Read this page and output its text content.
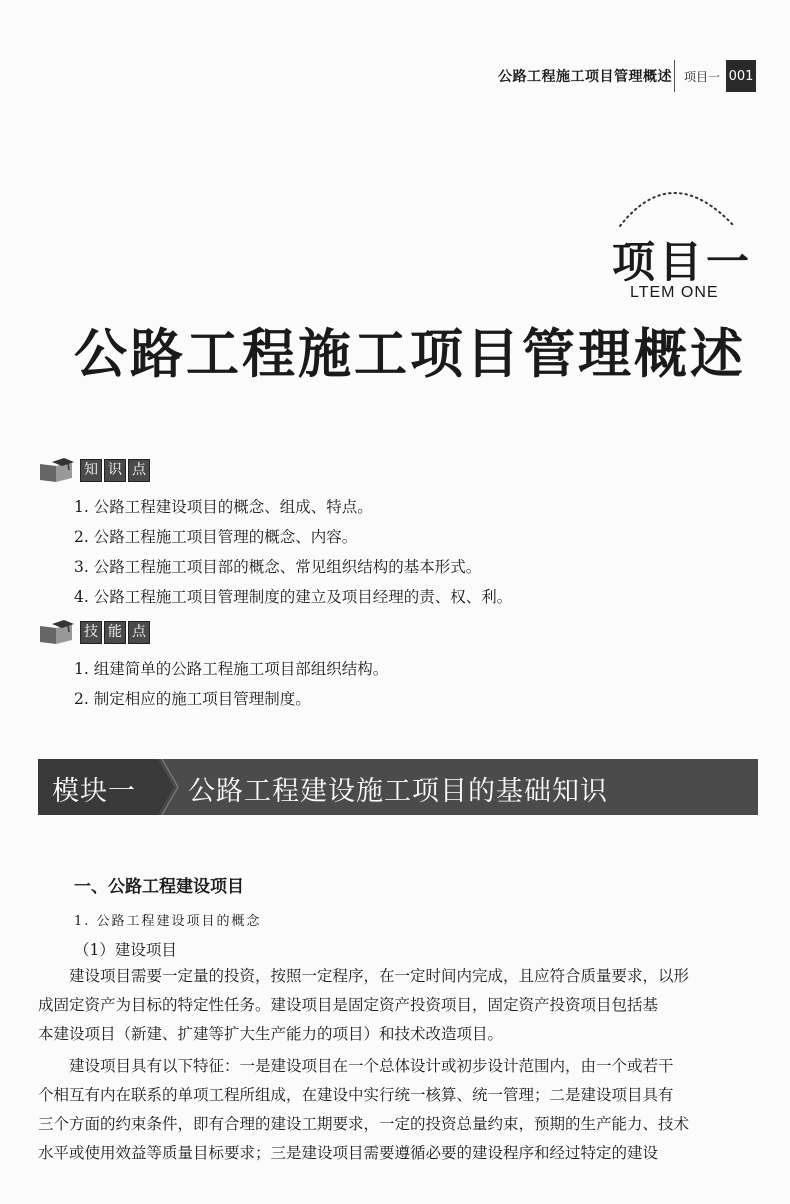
公路工程施工项目管理概述 项目一 001
项目一
LTEM ONE
公路工程施工项目管理概述
知 识 点
1. 公路工程建设项目的概念、组成、特点。
2. 公路工程施工项目管理的概念、内容。
3. 公路工程施工项目部的概念、常见组织结构的基本形式。
4. 公路工程施工项目管理制度的建立及项目经理的责、权、利。
技 能 点
1. 组建简单的公路工程施工项目部组织结构。
2. 制定相应的施工项目管理制度。
模块一 公路工程建设施工项目的基础知识
一、公路工程建设项目
1. 公路工程建设项目的概念
（1）建设项目
　　建设项目需要一定量的投资，按照一定程序，在一定时间内完成，且应符合质量要求，以形
成固定资产为目标的特定性任务。建设项目是固定资产投资项目，固定资产投资项目包括基
本建设项目（新建、扩建等扩大生产能力的项目）和技术改造项目。
　　建设项目具有以下特征：一是建设项目在一个总体设计或初步设计范围内，由一个或若干
个相互有内在联系的单项工程所组成，在建设中实行统一核算、统一管理；二是建设项目具有
三个方面的约束条件，即有合理的建设工期要求，一定的投资总量约束，预期的生产能力、技术
水平或使用效益等质量目标要求；三是建设项目需要遵循必要的建设程序和经过特定的建设
